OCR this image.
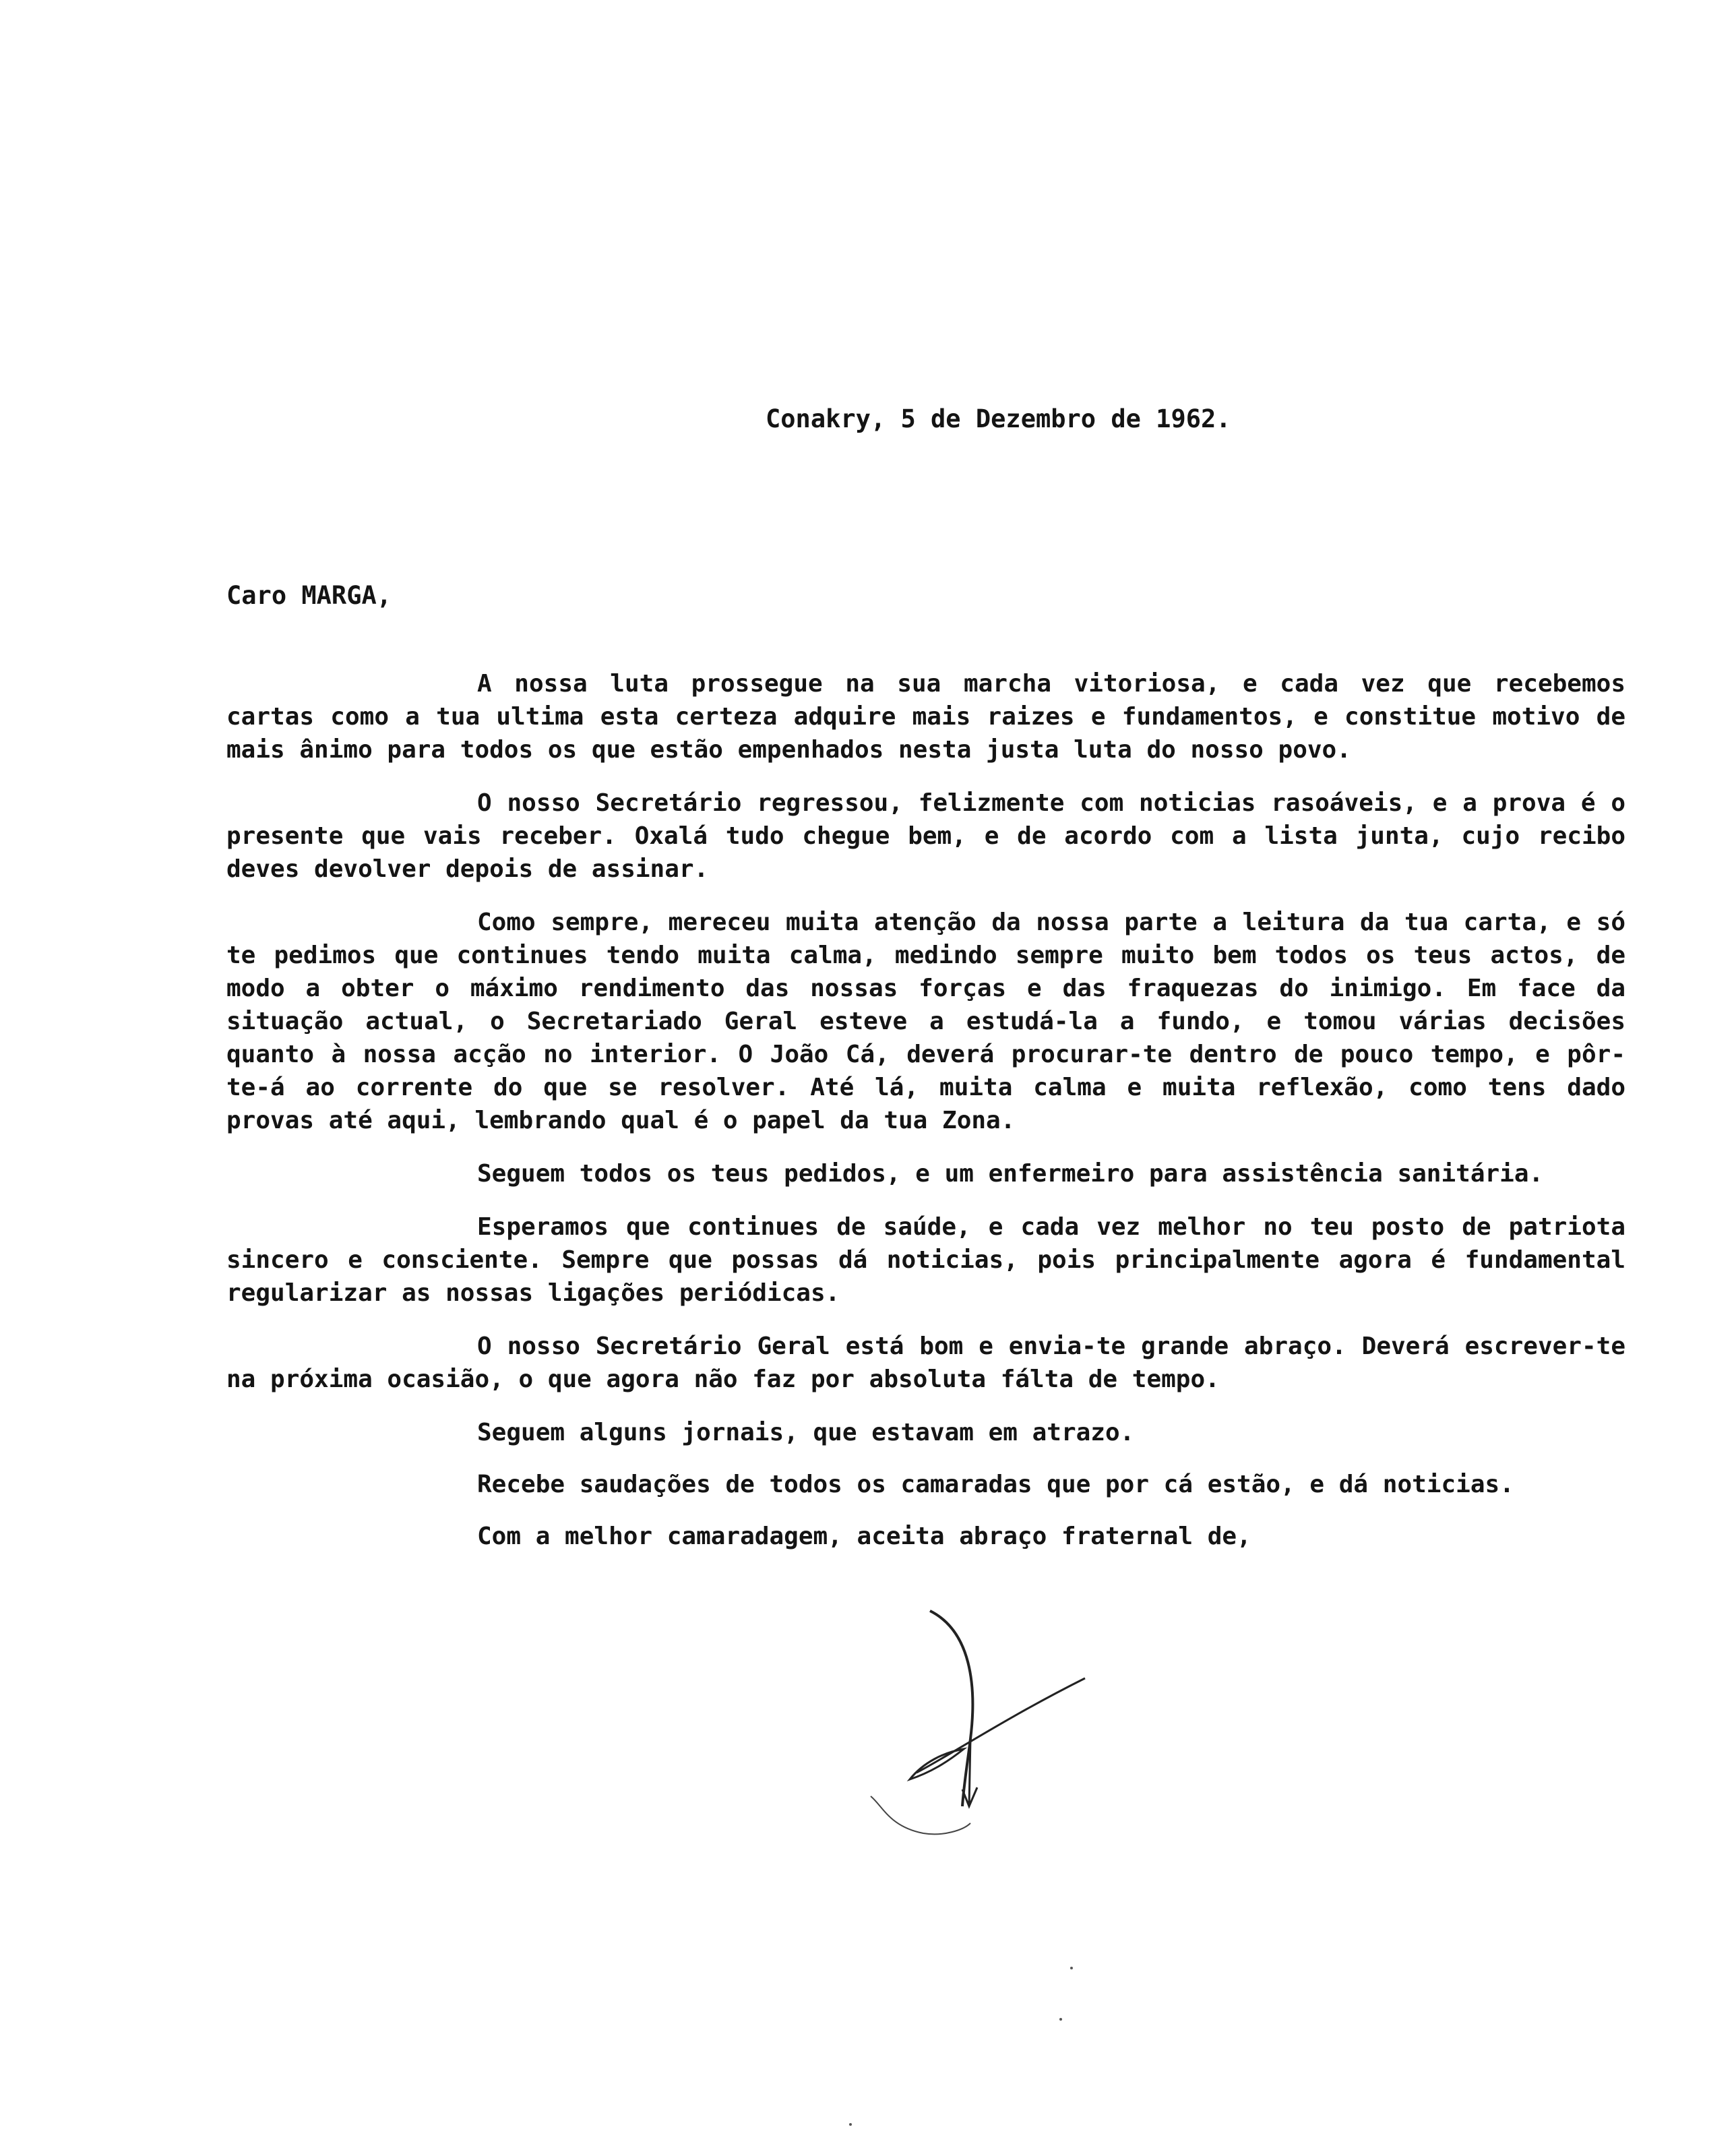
Conakry, 5 de Dezembro de 1962.
Caro MARGA,

A nossa luta prossegue na sua marcha vitoriosa, e cada vez que recebemos cartas como a tua ultima esta certeza adquire mais raizes e fundamentos, e constitue motivo de mais ânimo para todos os que estão empenhados nesta justa luta do nosso povo.

O nosso Secretário regressou, felizmente com noticias rasoáveis, e a prova é o presente que vais receber. Oxalá tudo chegue bem, e de acordo com a lista junta, cujo recibo deves devolver depois de assinar.

Como sempre, mereceu muita atenção da nossa parte a leitura da tua carta, e só te pedimos que continues tendo muita calma, medindo sempre muito bem todos os teus actos, de modo a obter o máximo rendimento das nossas forças e das fraquezas do inimigo. Em face da situação actual, o Secretariado Geral esteve a estudá-la a fundo, e tomou várias decisões quanto à nossa acção no interior. O João Cá, deverá procurar-te dentro de pouco tempo, e pôr-te-á ao corrente do que se resolver. Até lá, muita calma e muita reflexão, como tens dado provas até aqui, lembrando qual é o papel da tua Zona.

Seguem todos os teus pedidos, e um enfermeiro para assistência sanitária.

Esperamos que continues de saúde, e cada vez melhor no teu posto de patriota sincero e consciente. Sempre que possas dá noticias, pois principalmente agora é fundamental regularizar as nossas ligações periódicas.

O nosso Secretário Geral está bom e envia-te grande abraço. Deverá escrever-te na próxima ocasião, o que agora não faz por absoluta fálta de tempo.

Seguem alguns jornais, que estavam em atrazo.

Recebe saudações de todos os camaradas que por cá estão, e dá noticias.

Com a melhor camaradagem, aceita abraço fraternal de,
